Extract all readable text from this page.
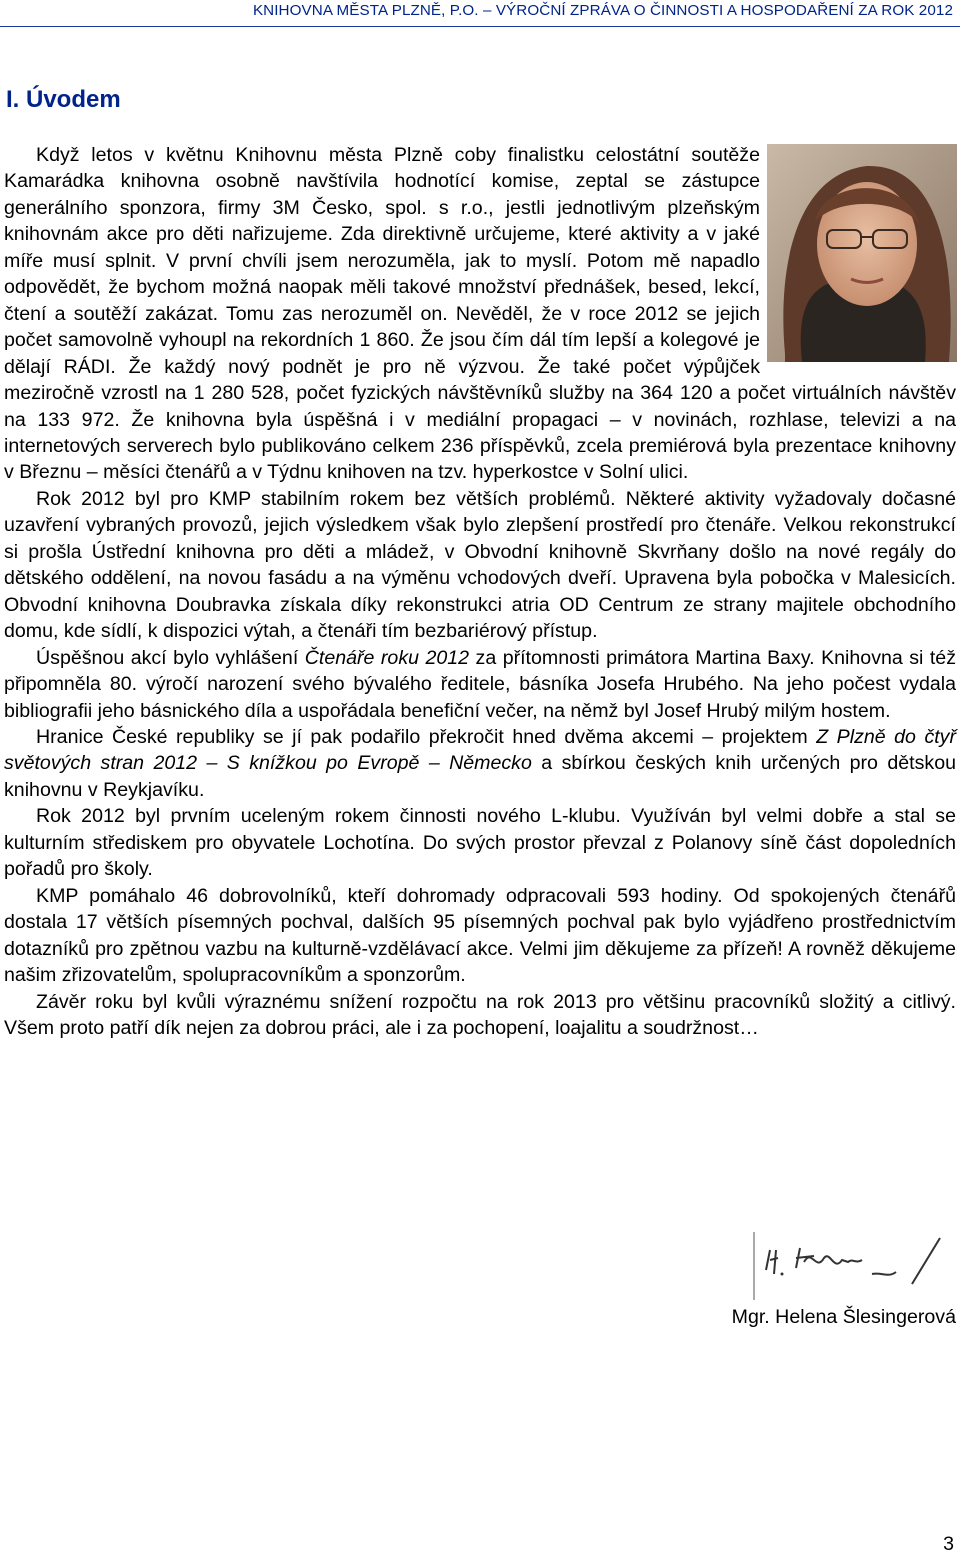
KNIHOVNA MĚSTA PLZNĚ, P.O. – VÝROČNÍ ZPRÁVA O ČINNOSTI A HOSPODAŘENÍ ZA ROK 2012
I. Úvodem

Když letos v květnu Knihovnu města Plzně coby finalistku celostátní soutěže Kamarádka knihovna osobně navštívila hodnotící komise, zeptal se zástupce generálního sponzora, firmy 3M Česko, spol. s r.o., jestli jednotlivým plzeňským knihovnám akce pro děti nařizujeme. Zda direktivně určujeme, které aktivity a v jaké míře musí splnit. V první chvíli jsem nerozuměla, jak to myslí. Potom mě napadlo odpovědět, že bychom možná naopak měli takové množství přednášek, besed, lekcí, čtení a soutěží zakázat. Tomu zas nerozuměl on. Nevěděl, že v roce 2012 se jejich počet samovolně vyhoupl na rekordních 1 860. Že jsou čím dál tím lepší a kolegové je dělají RÁDI. Že každý nový podnět je pro ně výzvou. Že také počet výpůjček meziročně vzrostl na 1 280 528, počet fyzických návštěvníků služby na 364 120 a počet virtuálních návštěv na 133 972. Že knihovna byla úspěšná i v mediální propagaci – v novinách, rozhlase, televizi a na internetových serverech bylo publikováno celkem 236 příspěvků, zcela premiérová byla prezentace knihovny v Březnu – měsíci čtenářů a v Týdnu knihoven na tzv. hyperkostce v Solní ulici.

Rok 2012 byl pro KMP stabilním rokem bez větších problémů. Některé aktivity vyžadovaly dočasné uzavření vybraných provozů, jejich výsledkem však bylo zlepšení prostředí pro čtenáře. Velkou rekonstrukcí si prošla Ústřední knihovna pro děti a mládež, v Obvodní knihovně Skvrňany došlo na nové regály do dětského oddělení, na novou fasádu a na výměnu vchodových dveří. Upravena byla pobočka v Malesicích. Obvodní knihovna Doubravka získala díky rekonstrukci atria OD Centrum ze strany majitele obchodního domu, kde sídlí, k dispozici výtah, a čtenáři tím bezbariérový přístup.

Úspěšnou akcí bylo vyhlášení Čtenáře roku 2012 za přítomnosti primátora Martina Baxy. Knihovna si též připomněla 80. výročí narození svého bývalého ředitele, básníka Josefa Hrubého. Na jeho počest vydala bibliografii jeho básnického díla a uspořádala benefiční večer, na němž byl Josef Hrubý milým hostem.

Hranice České republiky se jí pak podařilo překročit hned dvěma akcemi – projektem Z Plzně do čtyř světových stran 2012 – S knížkou po Evropě – Německo a sbírkou českých knih určených pro dětskou knihovnu v Reykjavíku.

Rok 2012 byl prvním uceleným rokem činnosti nového L-klubu. Využíván byl velmi dobře a stal se kulturním střediskem pro obyvatele Lochotína. Do svých prostor převzal z Polanovy síně část dopoledních pořadů pro školy.

KMP pomáhalo 46 dobrovolníků, kteří dohromady odpracovali 593 hodiny. Od spokojených čtenářů dostala 17 větších písemných pochval, dalších 95 písemných pochval pak bylo vyjádřeno prostřednictvím dotazníků pro zpětnou vazbu na kulturně-vzdělávací akce. Velmi jim děkujeme za přízeň! A rovněž děkujeme našim zřizovatelům, spolupracovníkům a sponzorům.

Závěr roku byl kvůli výraznému snížení rozpočtu na rok 2013 pro většinu pracovníků složitý a citlivý. Všem proto patří dík nejen za dobrou práci, ale i za pochopení, loajalitu a soudržnost…

Mgr. Helena Šlesingerová
3
